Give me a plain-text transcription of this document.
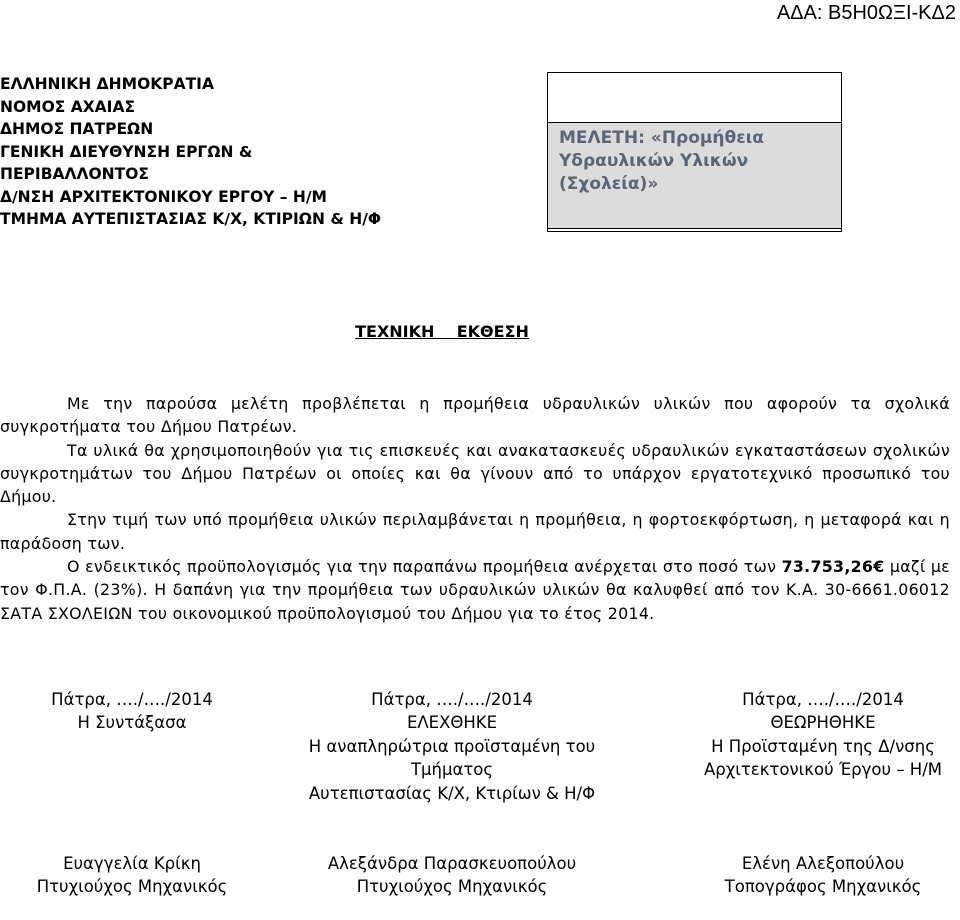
ΑΔΑ: Β5Η0ΩΞΙ-ΚΔ2
ΕΛΛΗΝΙΚΗ ΔΗΜΟΚΡΑΤΙΑ
ΝΟΜΟΣ ΑΧΑΙΑΣ
ΔΗΜΟΣ ΠΑΤΡΕΩΝ
ΓΕΝΙΚΗ ΔΙΕΥΘΥΝΣΗ ΕΡΓΩΝ &
ΠΕΡΙΒΑΛΛΟΝΤΟΣ
Δ/ΝΣΗ ΑΡΧΙΤΕΚΤΟΝΙΚΟΥ ΕΡΓΟΥ – Η/Μ
ΤΜΗΜΑ ΑΥΤΕΠΙΣΤΑΣΙΑΣ Κ/Χ, ΚΤΙΡΙΩΝ & Η/Φ
ΜΕΛΕΤΗ: «Προμήθεια
Υδραυλικών Υλικών
(Σχολεία)»
ΤΕΧΝΙΚΗ    ΕΚΘΕΣΗ

Με την παρούσα μελέτη προβλέπεται η προμήθεια υδραυλικών υλικών που αφορούν τα σχολικά συγκροτήματα του Δήμου Πατρέων.

Τα υλικά θα χρησιμοποιηθούν για τις επισκευές και ανακατασκευές υδραυλικών εγκαταστάσεων σχολικών συγκροτημάτων του Δήμου Πατρέων οι οποίες και θα γίνουν από το υπάρχον εργατοτεχνικό προσωπικό του Δήμου.

Στην τιμή των υπό προμήθεια υλικών περιλαμβάνεται η προμήθεια, η φορτοεκφόρτωση, η μεταφορά και η παράδοση των.

Ο ενδεικτικός προϋπολογισμός για την παραπάνω προμήθεια ανέρχεται στο ποσό των 73.753,26€ μαζί με τον Φ.Π.Α. (23%). Η δαπάνη για την προμήθεια των υδραυλικών υλικών θα καλυφθεί από τον Κ.Α. 30-6661.06012 ΣΑΤΑ ΣΧΟΛΕΙΩΝ του οικονομικού προϋπολογισμού του Δήμου για το έτος 2014.

Πάτρα, …./…./2014
Η Συντάξασα
Ευαγγελία Κρίκη
Πτυχιούχος Μηχανικός
Πάτρα, …./…./2014
ΕΛΕΧΘΗΚΕ
Η αναπληρώτρια προϊσταμένη του
Τμήματος
Αυτεπιστασίας Κ/Χ, Κτιρίων & Η/Φ
Αλεξάνδρα Παρασκευοπούλου
Πτυχιούχος Μηχανικός
Πάτρα, …./…./2014
ΘΕΩΡΗΘΗΚΕ
Η Προϊσταμένη της Δ/νσης
Αρχιτεκτονικού Έργου – Η/Μ
Ελένη Αλεξοπούλου
Τοπογράφος Μηχανικός
